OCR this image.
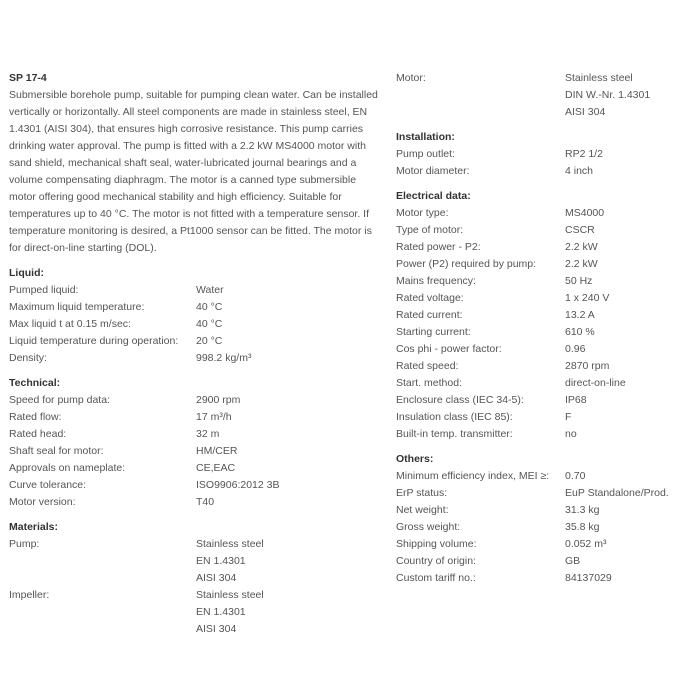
SP 17-4
Submersible borehole pump, suitable for pumping clean water. Can be installed vertically or horizontally. All steel components are made in stainless steel, EN 1.4301 (AISI 304), that ensures high corrosive resistance. This pump carries drinking water approval. The pump is fitted with a 2.2 kW MS4000 motor with sand shield, mechanical shaft seal, water-lubricated journal bearings and a volume compensating diaphragm. The motor is a canned type submersible motor offering good mechanical stability and high efficiency. Suitable for temperatures up to 40 °C. The motor is not fitted with a temperature sensor. If temperature monitoring is desired, a Pt1000 sensor can be fitted. The motor is for direct-on-line starting (DOL).
Liquid:
Pumped liquid:	Water
Maximum liquid temperature:	40 °C
Max liquid t at 0.15 m/sec:	40 °C
Liquid temperature during operation:	20 °C
Density:	998.2 kg/m³
Technical:
Speed for pump data:	2900 rpm
Rated flow:	17 m³/h
Rated head:	32 m
Shaft seal for motor:	HM/CER
Approvals on nameplate:	CE,EAC
Curve tolerance:	ISO9906:2012 3B
Motor version:	T40
Materials:
Pump:	Stainless steel
EN 1.4301
AISI 304
Impeller:	Stainless steel
EN 1.4301
AISI 304
Motor:	Stainless steel
DIN W.-Nr. 1.4301
AISI 304
Installation:
Pump outlet:	RP2 1/2
Motor diameter:	4 inch
Electrical data:
Motor type:	MS4000
Type of motor:	CSCR
Rated power - P2:	2.2 kW
Power (P2) required by pump:	2.2 kW
Mains frequency:	50 Hz
Rated voltage:	1 x 240 V
Rated current:	13.2 A
Starting current:	610 %
Cos phi - power factor:	0.96
Rated speed:	2870 rpm
Start. method:	direct-on-line
Enclosure class (IEC 34-5):	IP68
Insulation class (IEC 85):	F
Built-in temp. transmitter:	no
Others:
Minimum efficiency index, MEI ≥:	0.70
ErP status:	EuP Standalone/Prod.
Net weight:	31.3 kg
Gross weight:	35.8 kg
Shipping volume:	0.052 m³
Country of origin:	GB
Custom tariff no.:	84137029
